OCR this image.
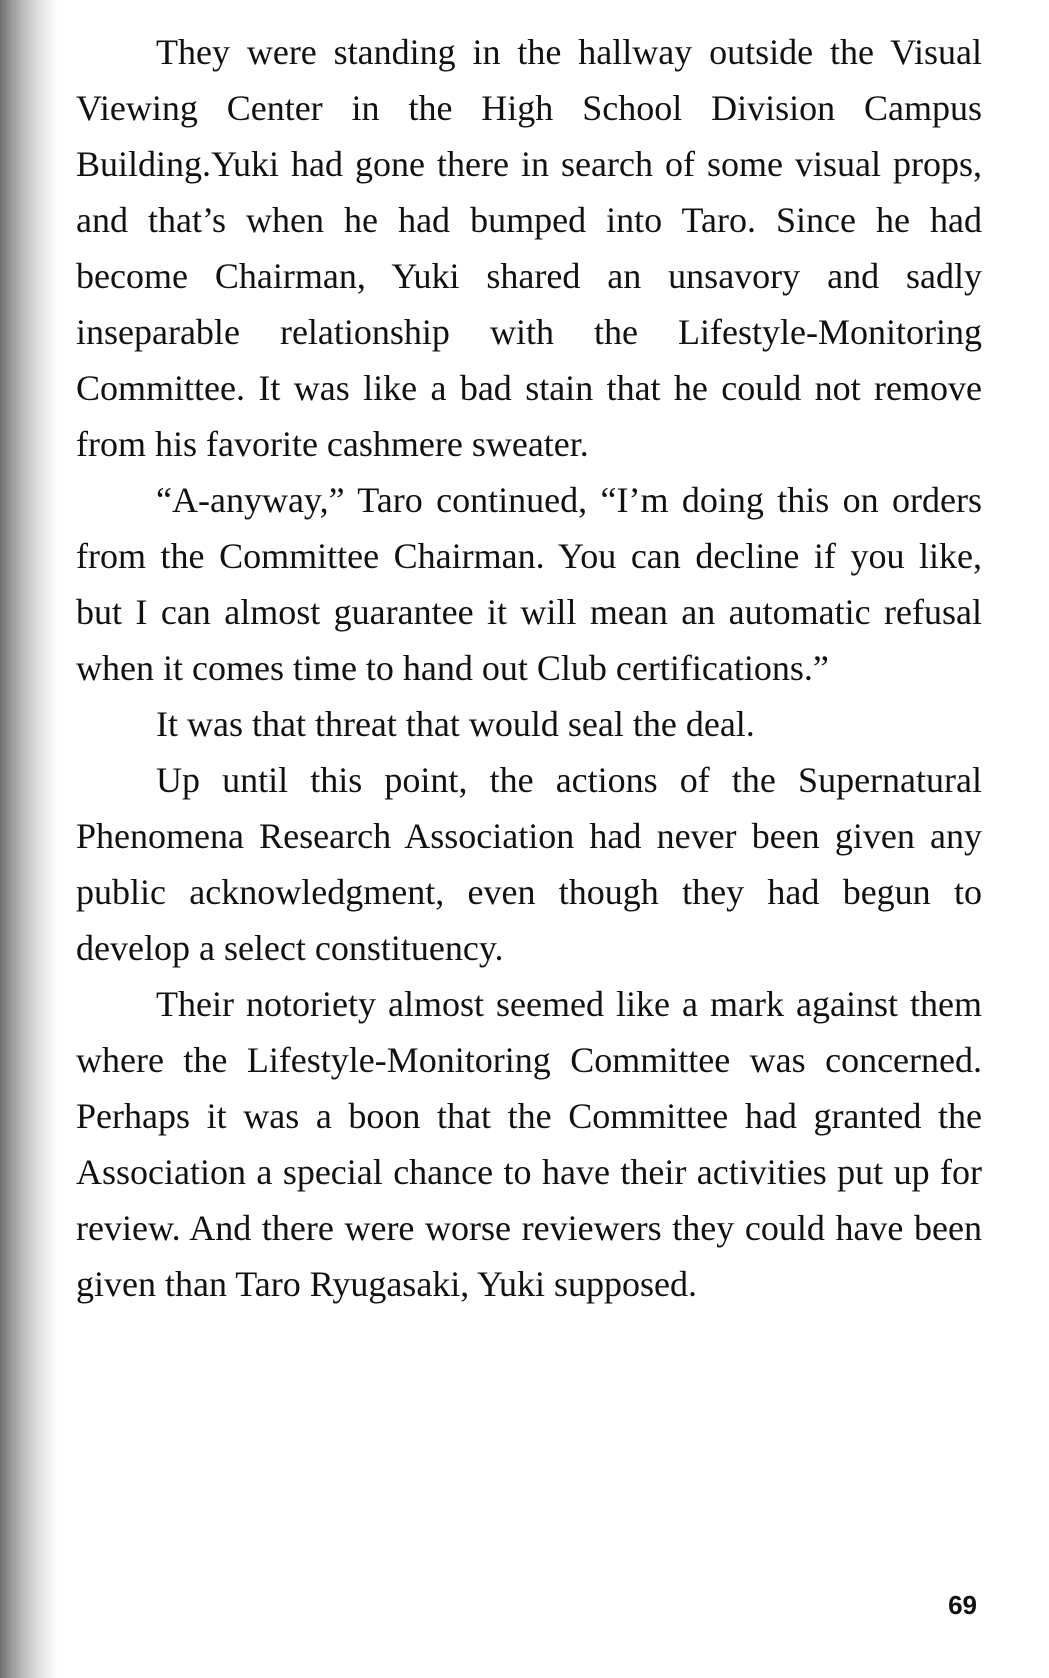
They were standing in the hallway outside the Visual Viewing Center in the High School Division Campus Building.Yuki had gone there in search of some visual props, and that’s when he had bumped into Taro. Since he had become Chairman, Yuki shared an unsavory and sadly inseparable relationship with the Lifestyle-Monitoring Committee. It was like a bad stain that he could not remove from his favorite cashmere sweater.

“A-anyway,” Taro continued, “I’m doing this on orders from the Committee Chairman. You can decline if you like, but I can almost guarantee it will mean an automatic refusal when it comes time to hand out Club certifications.”

It was that threat that would seal the deal.

Up until this point, the actions of the Supernatural Phenomena Research Association had never been given any public acknowledgment, even though they had begun to develop a select constituency.

Their notoriety almost seemed like a mark against them where the Lifestyle-Monitoring Committee was concerned. Perhaps it was a boon that the Committee had granted the Association a special chance to have their activities put up for review. And there were worse reviewers they could have been given than Taro Ryugasaki, Yuki supposed.

69
